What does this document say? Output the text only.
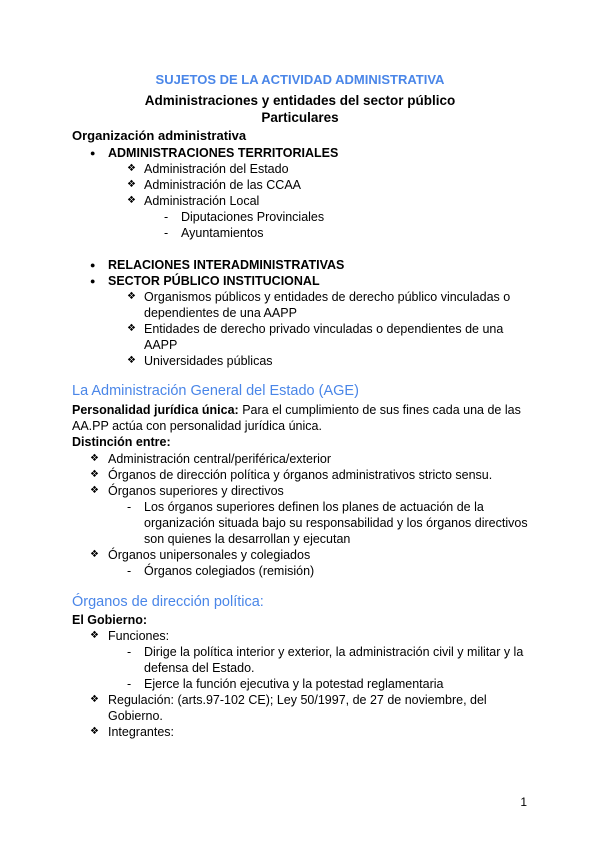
SUJETOS DE LA ACTIVIDAD ADMINISTRATIVA
Administraciones y entidades del sector público
Particulares
Organización administrativa
● ADMINISTRACIONES TERRITORIALES
❖ Administración del Estado
❖ Administración de las CCAA
❖ Administración Local
- Diputaciones Provinciales
- Ayuntamientos
● RELACIONES INTERADMINISTRATIVAS
● SECTOR PÚBLICO INSTITUCIONAL
❖ Organismos públicos y entidades de derecho público vinculadas o
dependientes de una AAPP
❖ Entidades de derecho privado vinculadas o dependientes de una
AAPP
❖ Universidades públicas
La Administración General del Estado (AGE)
Personalidad jurídica única: Para el cumplimiento de sus fines cada una de las
AA.PP actúa con personalidad jurídica única.
Distinción entre:
❖ Administración central/periférica/exterior
❖ Órganos de dirección política y órganos administrativos stricto sensu.
❖ Órganos superiores y directivos
- Los órganos superiores definen los planes de actuación de la
organización situada bajo su responsabilidad y los órganos directivos
son quienes la desarrollan y ejecutan
❖ Órganos unipersonales y colegiados
- Órganos colegiados (remisión)
Órganos de dirección política:
El Gobierno:
❖ Funciones:
- Dirige la política interior y exterior, la administración civil y militar y la
defensa del Estado.
- Ejerce la función ejecutiva y la potestad reglamentaria
❖ Regulación: (arts.97-102 CE); Ley 50/1997, de 27 de noviembre, del
Gobierno.
❖ Integrantes:
1
